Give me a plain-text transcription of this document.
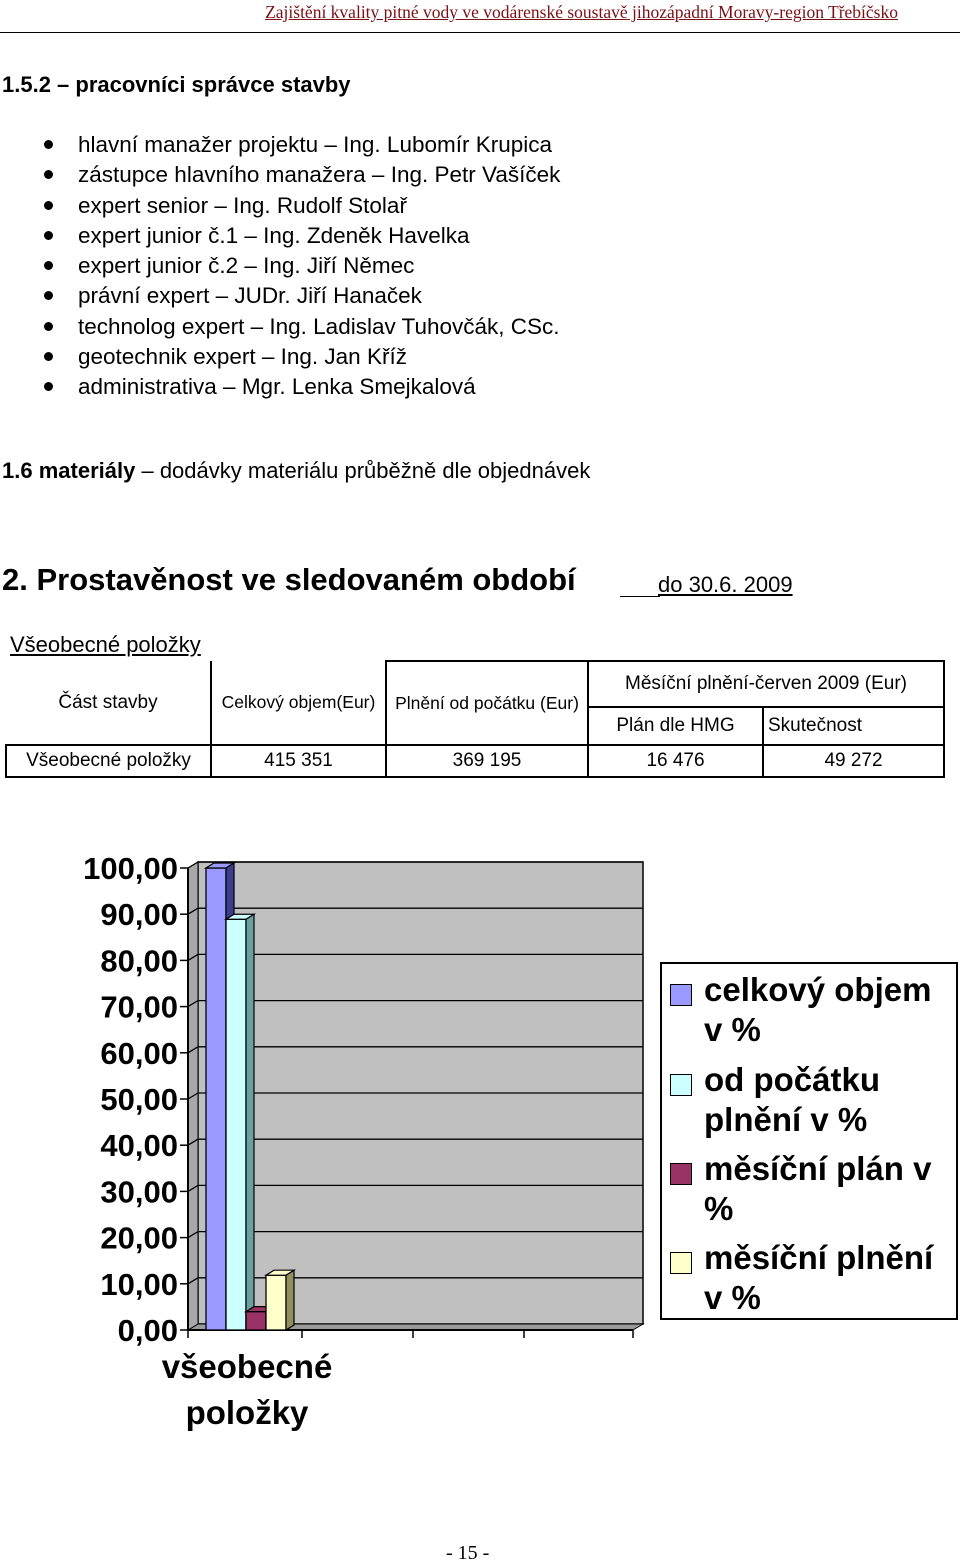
Zajištění kvality pitné vody ve vodárenské soustavě jihozápadní Moravy-region Třebíčsko
1.5.2 – pracovníci správce stavby
hlavní manažer projektu – Ing. Lubomír Krupica
zástupce hlavního manažera – Ing. Petr Vašíček
expert senior – Ing. Rudolf Stolař
expert junior č.1 – Ing. Zdeněk Havelka
expert junior č.2 – Ing. Jiří Němec
právní expert – JUDr. Jiří Hanaček
technolog expert – Ing. Ladislav Tuhovčák, CSc.
geotechnik expert – Ing. Jan Kříž
administrativa – Mgr. Lenka Smejkalová
1.6 materiály – dodávky materiálu průběžně dle objednávek
2. Prostavěnost ve sledovaném období	do 30.6. 2009
Všeobecné položky
Část stavby	Celkový objem(Eur)	Plnění od počátku (Eur)	Měsíční plnění-červen 2009 (Eur)	
			Plán dle HMG	Skutečnost
Všeobecné položky	415 351	369 195	16 476	49 272
0,00
10,00
20,00
30,00
40,00
50,00
60,00
70,00
80,00
90,00
100,00
všeobecné
položky
celkový objem v %
od počátku plnění v %
měsíční plán v %
měsíční plnění v %
- 15 -
